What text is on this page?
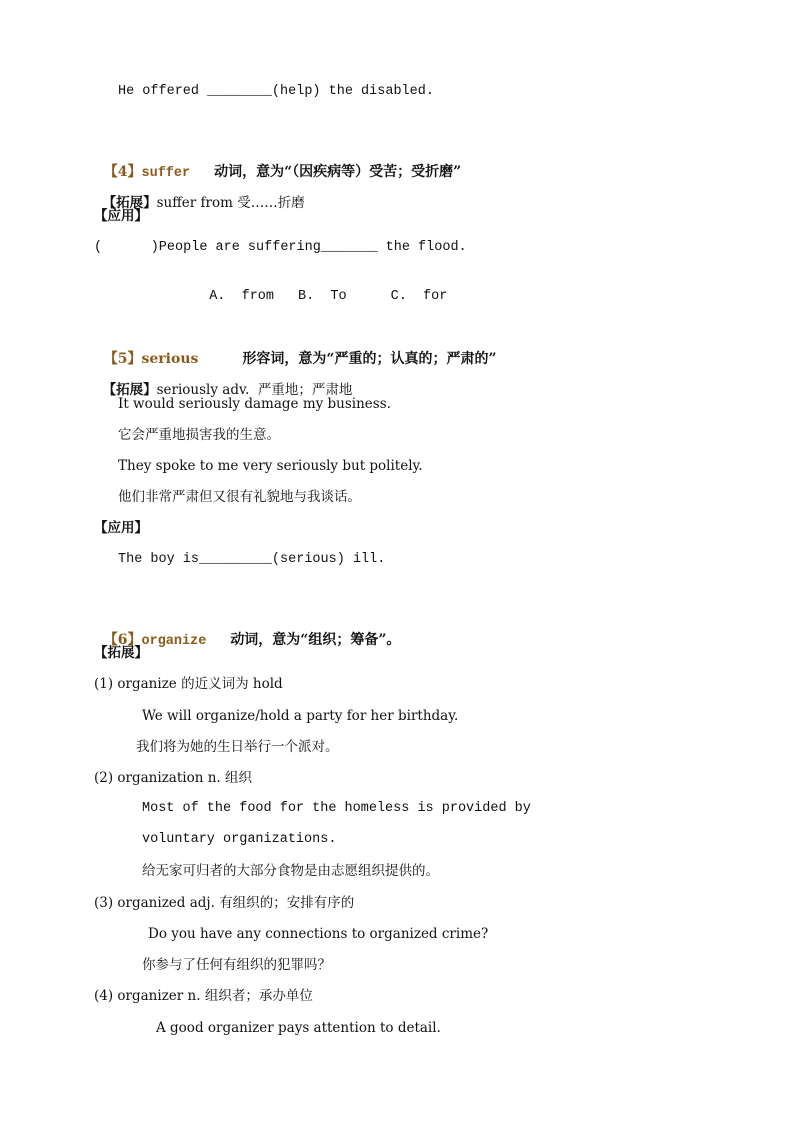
He offered ________(help) the disabled.

【4】suffer 动词，意为“（因疾病等）受苦；受折磨”

【拓展】suffer from 受……折磨

【应用】
(      )People are suffering_______ the flood.

A.  from B.  To	C.  for

【5】serious	形容词，意为“严重的；认真的；严肃的”

【拓展】seriously adv.  严重地；严肃地

It would seriously damage my business.
它会严重地损害我的生意。
They spoke to me very seriously but politely.
他们非常严肃但又很有礼貌地与我谈话。
【应用】
The boy is_________(serious) ill.

【6】organize 动词，意为“组织；筹备”。

【拓展】
(1) organize 的近义词为 hold
We will organize/hold a party for her birthday.
我们将为她的生日举行一个派对。
(2) organization n. 组织
Most of the food for the homeless is provided by
voluntary organizations.
给无家可归者的大部分食物是由志愿组织提供的。
(3) organized adj. 有组织的；安排有序的
Do you have any connections to organized crime?
你参与了任何有组织的犯罪吗？
(4) organizer n. 组织者；承办单位
A good organizer pays attention to detail.
